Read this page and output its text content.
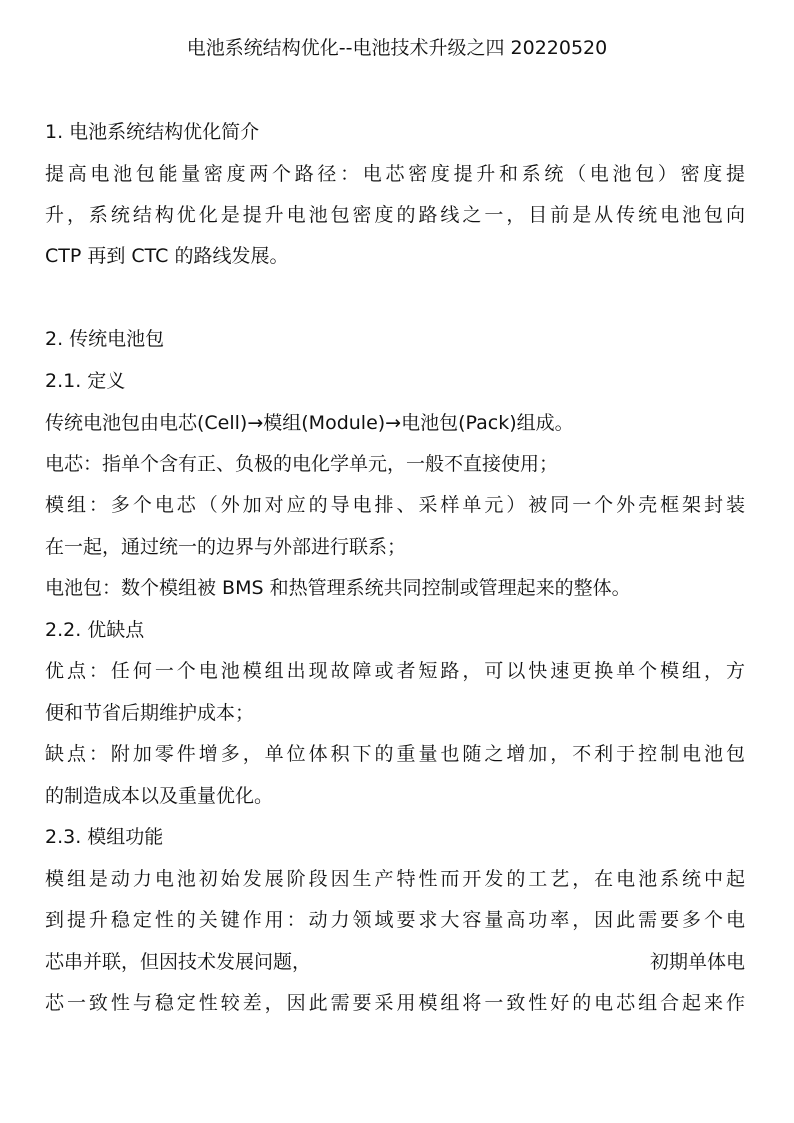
电池系统结构优化--电池技术升级之四 20220520
1. 电池系统结构优化简介
提高电池包能量密度两个路径：电芯密度提升和系统（电池包）密度提
升，系统结构优化是提升电池包密度的路线之一，目前是从传统电池包向
CTP 再到 CTC 的路线发展。
2. 传统电池包
2.1. 定义
传统电池包由电芯(Cell)→模组(Module)→电池包(Pack)组成。
电芯：指单个含有正、负极的电化学单元，一般不直接使用；
模组：多个电芯（外加对应的导电排、采样单元）被同一个外壳框架封装
在一起，通过统一的边界与外部进行联系；
电池包：数个模组被 BMS 和热管理系统共同控制或管理起来的整体。
2.2. 优缺点
优点：任何一个电池模组出现故障或者短路，可以快速更换单个模组，方
便和节省后期维护成本；
缺点：附加零件增多，单位体积下的重量也随之增加，不利于控制电池包
的制造成本以及重量优化。
2.3. 模组功能
模组是动力电池初始发展阶段因生产特性而开发的工艺，在电池系统中起
到提升稳定性的关键作用：动力领域要求大容量高功率，因此需要多个电
芯串并联，但因技术发展问题，	初期单体电
芯一致性与稳定性较差，因此需要采用模组将一致性好的电芯组合起来作
